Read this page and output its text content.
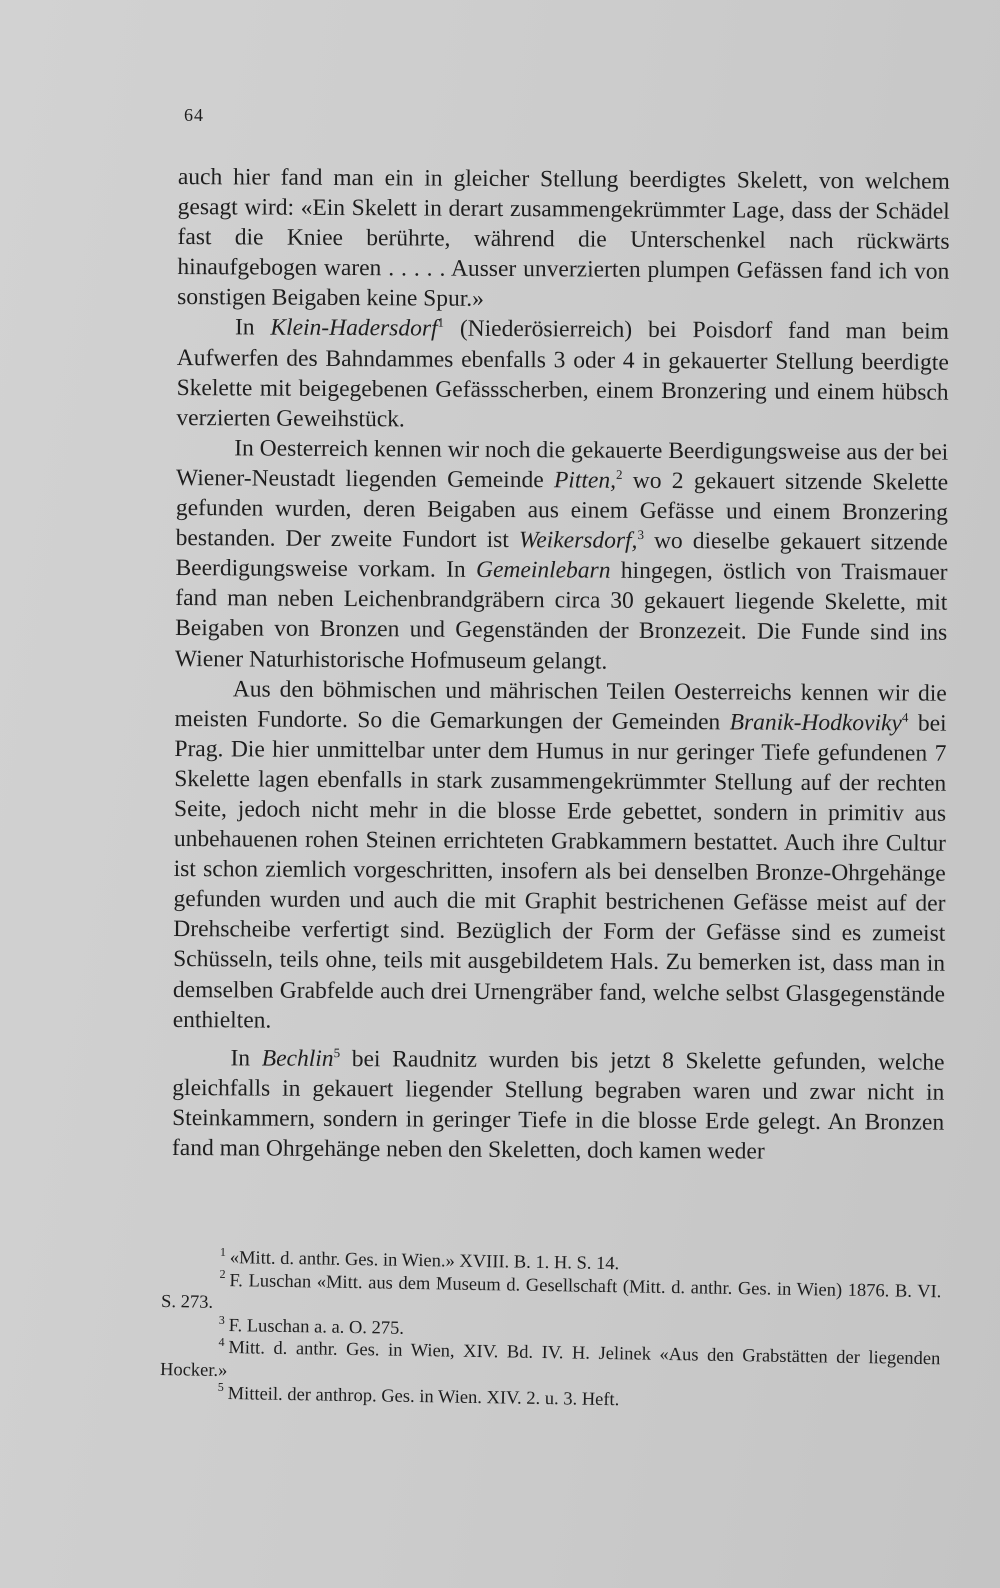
64

auch hier fand man ein in gleicher Stellung beerdigtes Skelett, von welchem gesagt wird: «Ein Skelett in derart zusammengekrümmter Lage, dass der Schädel fast die Kniee berührte, während die Unterschenkel nach rückwärts hinaufgebogen waren . . . . . Ausser unverzierten plumpen Gefässen fand ich von sonstigen Beigaben keine Spur.»

In Klein-Hadersdorf$^1$ (Niederösierreich) bei Poisdorf fand man beim Aufwerfen des Bahndammes ebenfalls 3 oder 4 in gekauerter Stellung beerdigte Skelette mit beigegebenen Gefässscherben, einem Bronzering und einem hübsch verzierten Geweihstück.

In Oesterreich kennen wir noch die gekauerte Beerdigungsweise aus der bei Wiener-Neustadt liegenden Gemeinde Pitten,$^2$ wo 2 gekauert sitzende Skelette gefunden wurden, deren Beigaben aus einem Gefässe und einem Bronzering bestanden. Der zweite Fundort ist Weikersdorf,$^3$ wo dieselbe gekauert sitzende Beerdigungsweise vorkam. In Gemeinlebarn hingegen, östlich von Traismauer fand man neben Leichenbrandgräbern circa 30 gekauert liegende Skelette, mit Beigaben von Bronzen und Gegenständen der Bronzezeit. Die Funde sind ins Wiener Naturhistorische Hofmuseum gelangt.

Aus den böhmischen und mährischen Teilen Oesterreichs kennen wir die meisten Fundorte. So die Gemarkungen der Gemeinden Branik-Hodkoviky$^4$ bei Prag. Die hier unmittelbar unter dem Humus in nur geringer Tiefe gefundenen 7 Skelette lagen ebenfalls in stark zusammengekrümmter Stellung auf der rechten Seite, jedoch nicht mehr in die blosse Erde gebettet, sondern in primitiv aus unbehauenen rohen Steinen errichteten Grabkammern bestattet. Auch ihre Cultur ist schon ziemlich vorgeschritten, insofern als bei denselben Bronze-Ohrgehänge gefunden wurden und auch die mit Graphit bestrichenen Gefässe meist auf der Drehscheibe verfertigt sind. Bezüglich der Form der Gefässe sind es zumeist Schüsseln, teils ohne, teils mit ausgebildetem Hals. Zu bemerken ist, dass man in demselben Grabfelde auch drei Urnengräber fand, welche selbst Glasgegenstände enthielten.

In Bechlin$^5$ bei Raudnitz wurden bis jetzt 8 Skelette gefunden, welche gleichfalls in gekauert liegender Stellung begraben waren und zwar nicht in Steinkammern, sondern in geringer Tiefe in die blosse Erde gelegt. An Bronzen fand man Ohrgehänge neben den Skeletten, doch kamen weder

$^1$ «Mitt. d. anthr. Ges. in Wien.» XVIII. B. 1. H. S. 14.

$^2$ F. Luschan «Mitt. aus dem Museum d. Gesellschaft (Mitt. d. anthr. Ges. in Wien) 1876. B. VI. S. 273.

$^3$ F. Luschan a. a. O. 275.

$^4$ Mitt. d. anthr. Ges. in Wien, XIV. Bd. IV. H. Jelinek «Aus den Grabstätten der liegenden Hocker.»

$^5$ Mitteil. der anthrop. Ges. in Wien. XIV. 2. u. 3. Heft.
